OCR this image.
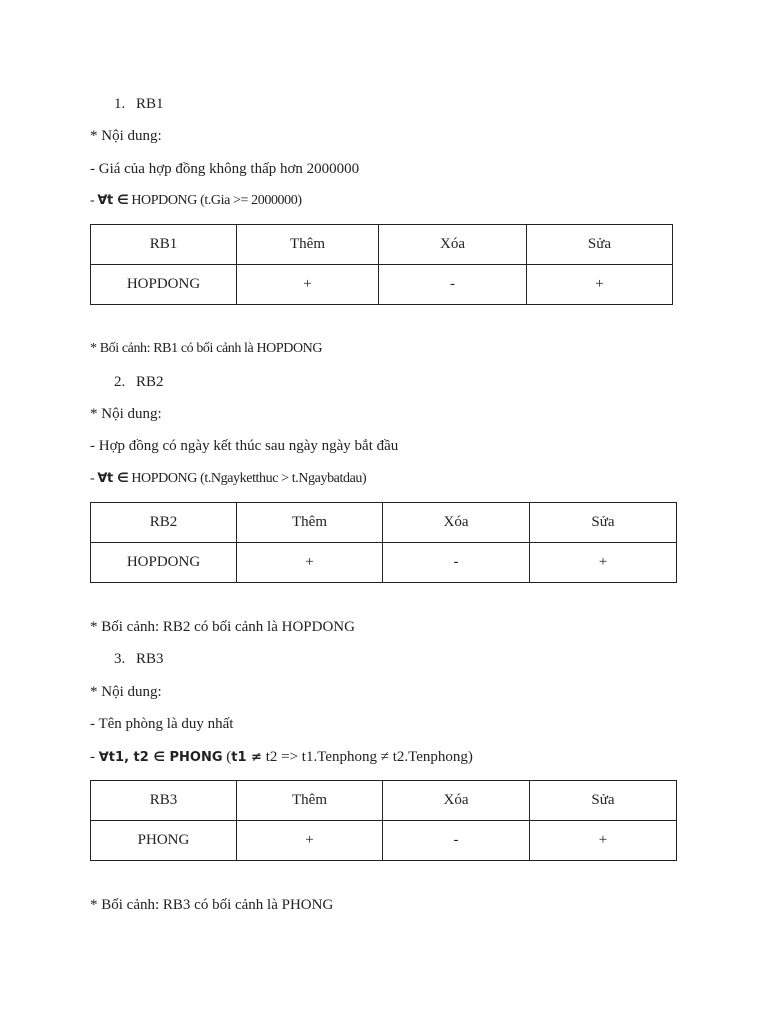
1. RB1
* Nội dung:
- Giá của hợp đồng không thấp hơn 2000000
- ∀t ∈ HOPDONG (t.Gia >= 2000000)
RB1	Thêm	Xóa	Sửa
HOPDONG	+	-	+
* Bối cảnh: RB1 có bối cảnh là HOPDONG
2. RB2
* Nội dung:
- Hợp đồng có ngày kết thúc sau ngày ngày bắt đầu
- ∀t ∈ HOPDONG (t.Ngayketthuc > t.Ngaybatdau)
RB2	Thêm	Xóa	Sửa
HOPDONG	+	-	+
* Bối cảnh: RB2 có bối cảnh là HOPDONG
3. RB3
* Nội dung:
- Tên phòng là duy nhất
- ∀t1, t2 ∈ PHONG (t1 ≠ t2 => t1.Tenphong ≠ t2.Tenphong)
RB3	Thêm	Xóa	Sửa
PHONG	+	-	+
* Bối cảnh: RB3 có bối cảnh là PHONG
